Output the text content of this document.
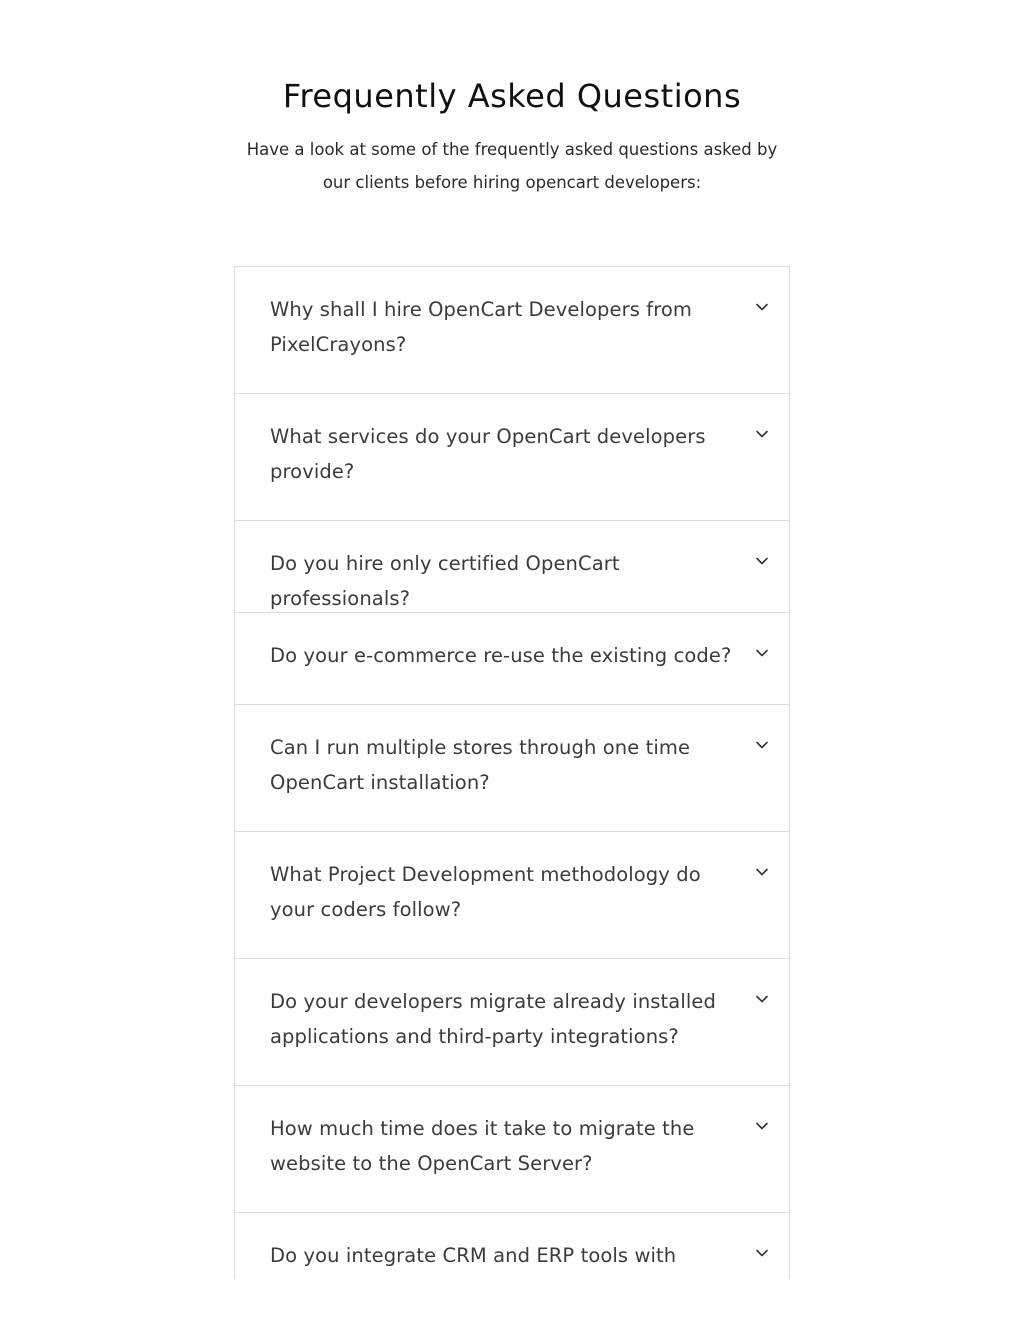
Frequently Asked Questions

Have a look at some of the frequently asked questions asked by our clients before hiring opencart developers:

Why shall I hire OpenCart Developers from PixelCrayons?
What services do your OpenCart developers provide?
Do you hire only certified OpenCart professionals?
Do your e-commerce re-use the existing code?
Can I run multiple stores through one time OpenCart installation?
What Project Development methodology do your coders follow?
Do your developers migrate already installed applications and third-party integrations?
How much time does it take to migrate the website to the OpenCart Server?
Do you integrate CRM and ERP tools with
